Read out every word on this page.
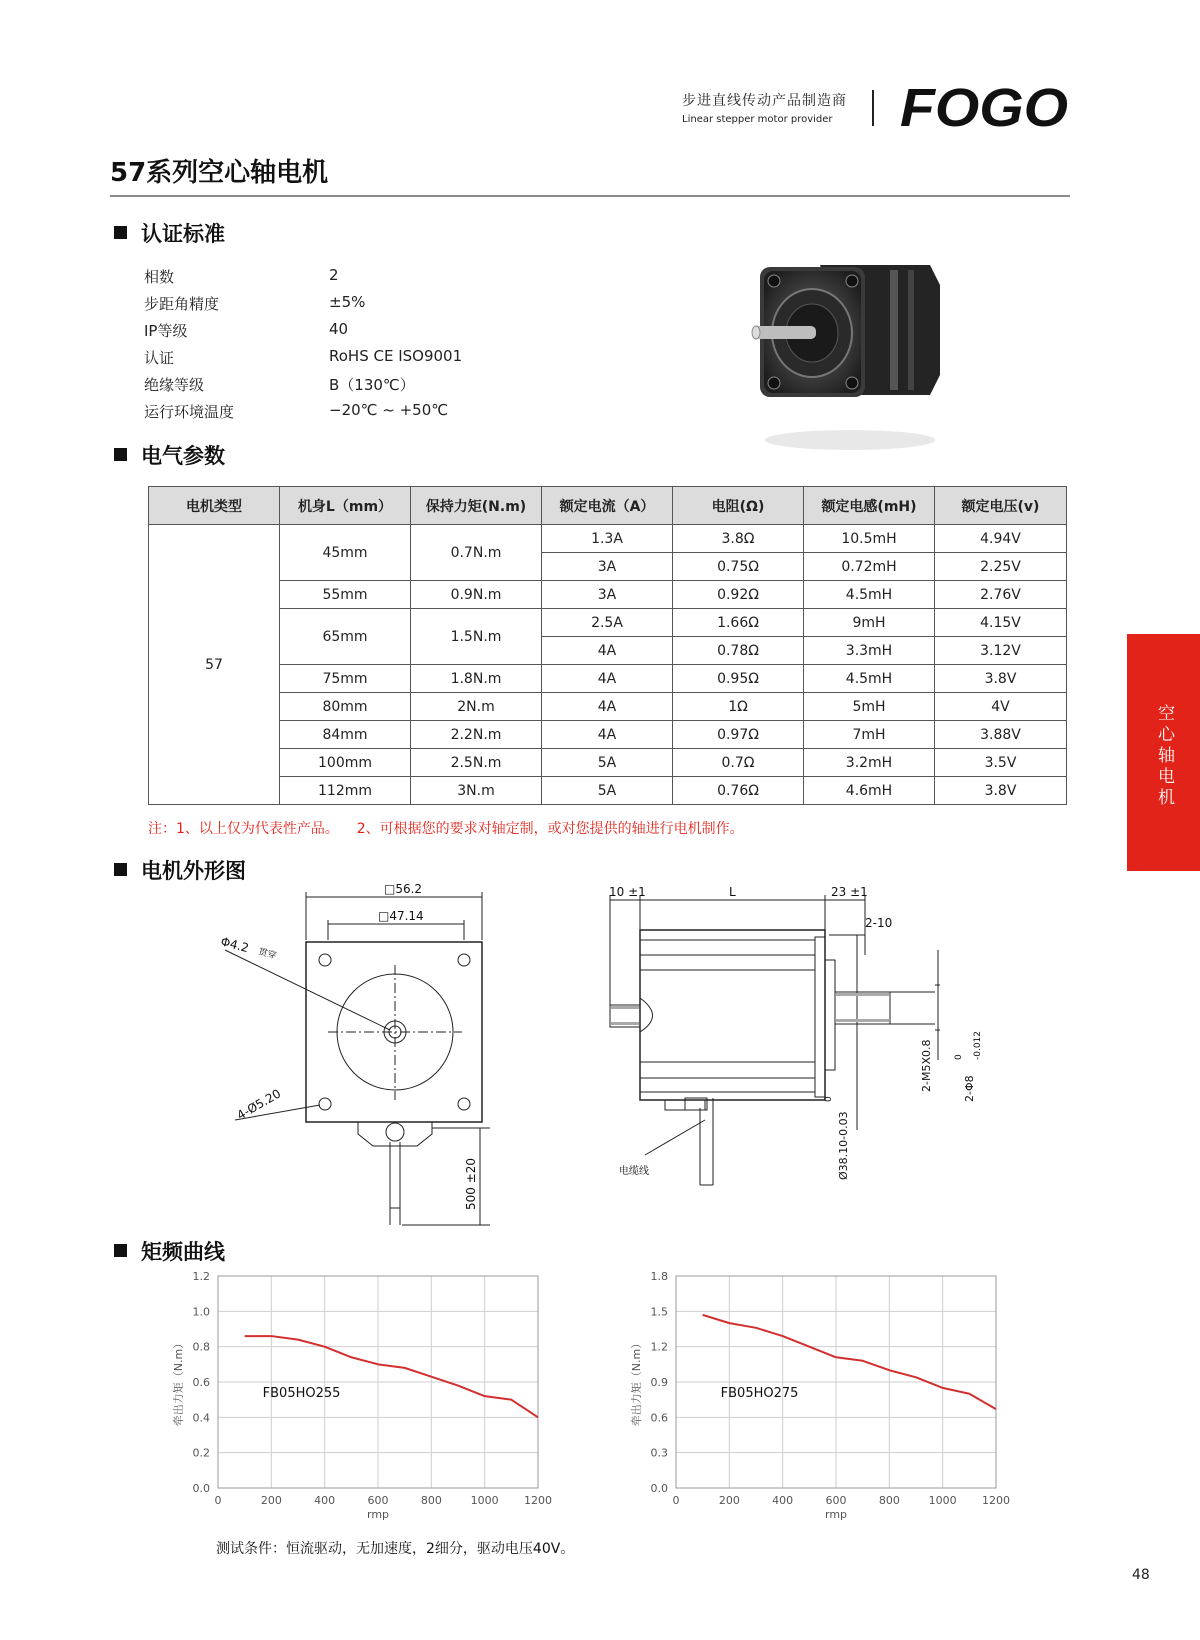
步进直线传动产品制造商
Linear stepper motor provider FOGO
57系列空心轴电机
认证标准
相数	2
步距角精度	±5%
IP等级	40
认证	RoHS CE ISO9001
绝缘等级	B（130℃）
运行环境温度	−20℃ ~ +50℃
电气参数
电机类型	机身L（mm）	保持力矩(N.m)	额定电流（A）	电阻(Ω)	额定电感(mH)	额定电压(v)
57	45mm	0.7N.m	1.3A	3.8Ω	10.5mH	4.94V
			3A	0.75Ω	0.72mH	2.25V
	55mm	0.9N.m	3A	0.92Ω	4.5mH	2.76V
	65mm	1.5N.m	2.5A	1.66Ω	9mH	4.15V
			4A	0.78Ω	3.3mH	3.12V
	75mm	1.8N.m	4A	0.95Ω	4.5mH	3.8V
	80mm	2N.m	4A	1Ω	5mH	4V
	84mm	2.2N.m	4A	0.97Ω	7mH	3.88V
	100mm	2.5N.m	5A	0.7Ω	3.2mH	3.5V
	112mm	3N.m	5A	0.76Ω	4.6mH	3.8V
注：1、以上仅为代表性产品。    2、可根据您的要求对轴定制，或对您提供的轴进行电机制作。
空心轴电机
电机外形图
□56.2
□47.14
Φ4.2 贯穿
4-Ø5.20
500 ±20
10 ±1	L	23 ±1
2-10
2-M5X0.8	2-Φ8
0 -0.012
0
Ø38.10-0.03
电缆线
矩频曲线
0.0
0.2
0.4
0.6
0.8
1.0
1.2
0	200	400	600	800	1000 1200
rmp
牵出力矩（N.m）	FB05HO255
0.0
0.3
0.6
0.9
1.2
1.5
1.8
0	200	400	600	800	1000 1200
rmp
牵出力矩（N.m）	FB05HO275
测试条件：恒流驱动，无加速度，2细分，驱动电压40V。
48
